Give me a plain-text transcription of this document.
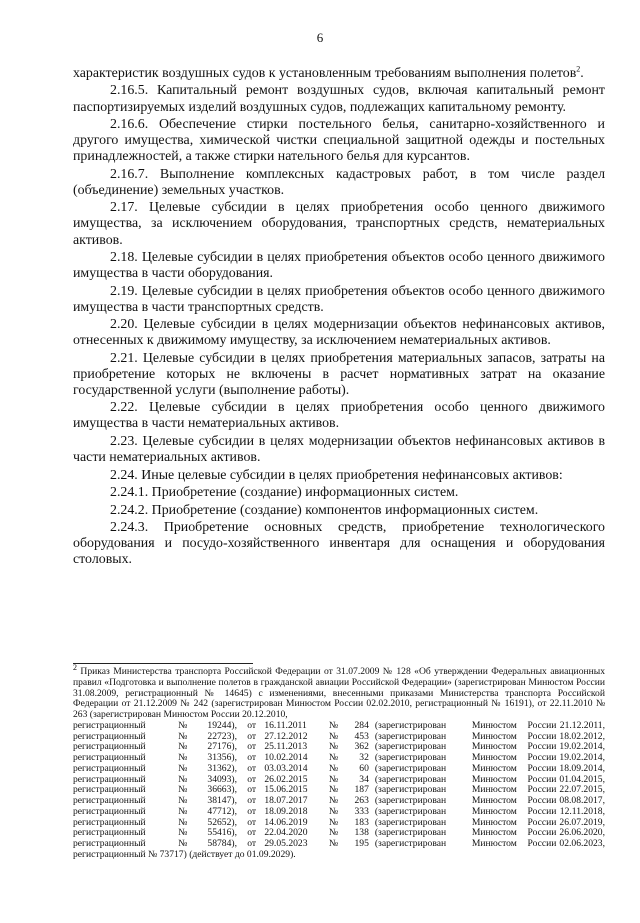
6

характеристик воздушных судов к установленным требованиям выполнения полетов$^2$.

2.16.5. Капитальный ремонт воздушных судов, включая капитальный ремонт паспортизируемых изделий воздушных судов, подлежащих капитальному ремонту.

2.16.6. Обеспечение стирки постельного белья, санитарно-хозяйственного и другого имущества, химической чистки специальной защитной одежды и постельных принадлежностей, а также стирки нательного белья для курсантов.

2.16.7. Выполнение комплексных кадастровых работ, в том числе раздел (объединение) земельных участков.

2.17. Целевые субсидии в целях приобретения особо ценного движимого имущества, за исключением оборудования, транспортных средств, нематериальных активов.

2.18. Целевые субсидии в целях приобретения объектов особо ценного движимого имущества в части оборудования.

2.19. Целевые субсидии в целях приобретения объектов особо ценного движимого имущества в части транспортных средств.

2.20. Целевые субсидии в целях модернизации объектов нефинансовых активов, отнесенных к движимому имуществу, за исключением нематериальных активов.

2.21. Целевые субсидии в целях приобретения материальных запасов, затраты на приобретение которых не включены в расчет нормативных затрат на оказание государственной услуги (выполнение работы).

2.22. Целевые субсидии в целях приобретения особо ценного движимого имущества в части нематериальных активов.

2.23. Целевые субсидии в целях модернизации объектов нефинансовых активов в части нематериальных активов.

2.24. Иные целевые субсидии в целях приобретения нефинансовых активов:

2.24.1. Приобретение (создание) информационных систем.

2.24.2. Приобретение (создание) компонентов информационных систем.

2.24.3. Приобретение основных средств, приобретение технологического оборудования и посудо-хозяйственного инвентаря для оснащения и оборудования столовых.

$^2$ Приказ Министерства транспорта Российской Федерации от 31.07.2009 № 128 «Об утверждении Федеральных авиационных правил «Подготовка и выполнение полетов в гражданской авиации Российской Федерации» (зарегистрирован Минюстом России 31.08.2009, регистрационный № 14645) с изменениями, внесенными приказами Министерства транспорта Российской Федерации от 21.12.2009 № 242 (зарегистрирован Минюстом России 02.02.2010, регистрационный № 16191), от 22.11.2010 № 263 (зарегистрирован Минюстом России 20.12.2010,
регистрационный	№	19244),	от	16.11.2011	№	284	(зарегистрирован	Минюстом	России	21.12.2011,
регистрационный	№	22723),	от	27.12.2012	№	453	(зарегистрирован	Минюстом	России	18.02.2012,
регистрационный	№	27176),	от	25.11.2013	№	362	(зарегистрирован	Минюстом	России	19.02.2014,
регистрационный	№	31356),	от	10.02.2014	№	32	(зарегистрирован	Минюстом	России	19.02.2014,
регистрационный	№	31362),	от	03.03.2014	№	60	(зарегистрирован	Минюстом	России	18.09.2014,
регистрационный	№	34093),	от	26.02.2015	№	34	(зарегистрирован	Минюстом	России	01.04.2015,
регистрационный	№	36663),	от	15.06.2015	№	187	(зарегистрирован	Минюстом	России	22.07.2015,
регистрационный	№	38147),	от	18.07.2017	№	263	(зарегистрирован	Минюстом	России	08.08.2017,
регистрационный	№	47712),	от	18.09.2018	№	333	(зарегистрирован	Минюстом	России	12.11.2018,
регистрационный	№	52652),	от	14.06.2019	№	183	(зарегистрирован	Минюстом	России	26.07.2019,
регистрационный	№	55416),	от	22.04.2020	№	138	(зарегистрирован	Минюстом	России	26.06.2020,
регистрационный	№	58784),	от	29.05.2023	№	195	(зарегистрирован	Минюстом	России	02.06.2023,

регистрационный № 73717) (действует до 01.09.2029).
